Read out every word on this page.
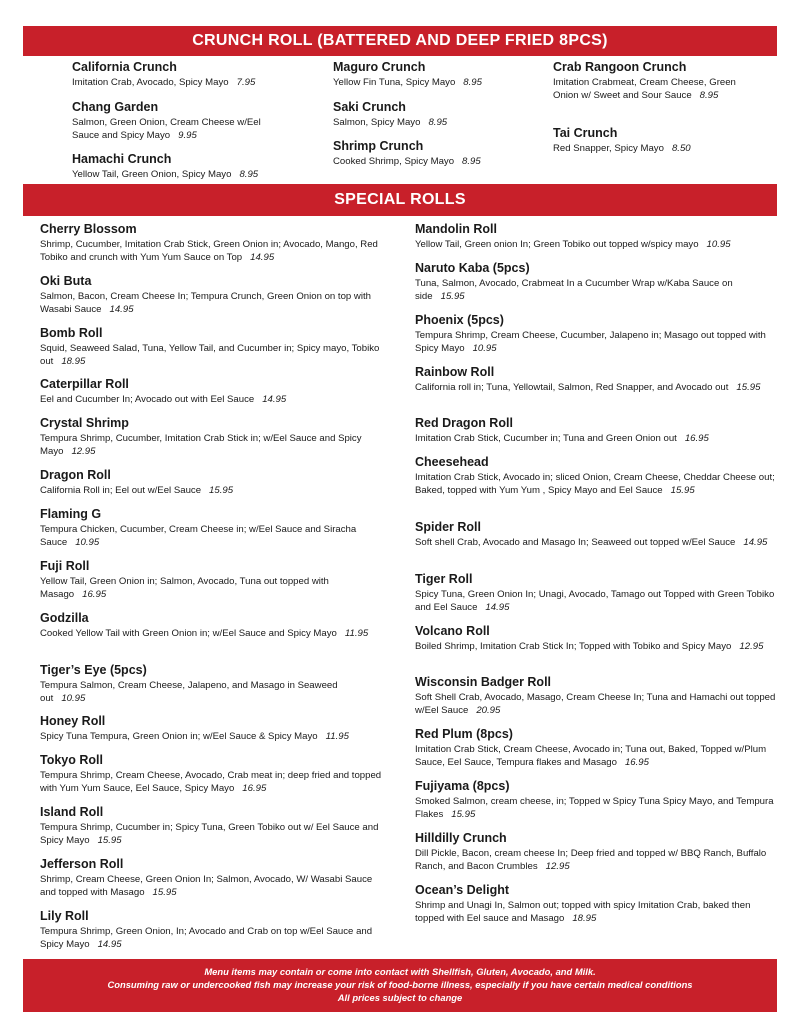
CRUNCH ROLL (BATTERED AND DEEP FRIED 8PCS)
California Crunch
Imitation Crab, Avocado, Spicy Mayo 7.95
Chang Garden
Salmon, Green Onion, Cream Cheese w/Eel Sauce and Spicy Mayo 9.95
Hamachi Crunch
Yellow Tail, Green Onion, Spicy Mayo 8.95
Maguro Crunch
Yellow Fin Tuna, Spicy Mayo 8.95
Saki Crunch
Salmon, Spicy Mayo 8.95
Shrimp Crunch
Cooked Shrimp, Spicy Mayo 8.95
Crab Rangoon Crunch
Imitation Crabmeat, Cream Cheese, Green Onion w/ Sweet and Sour Sauce 8.95
Tai Crunch
Red Snapper, Spicy Mayo 8.50
SPECIAL ROLLS
Cherry Blossom
Shrimp, Cucumber, Imitation Crab Stick, Green Onion in; Avocado, Mango, Red Tobiko and crunch with Yum Yum Sauce on Top 14.95
Oki Buta
Salmon, Bacon, Cream Cheese In; Tempura Crunch, Green Onion on top with Wasabi Sauce 14.95
Bomb Roll
Squid, Seaweed Salad, Tuna, Yellow Tail, and Cucumber in; Spicy mayo, Tobiko out 18.95
Caterpillar Roll
Eel and Cucumber In; Avocado out with Eel Sauce 14.95
Crystal Shrimp
Tempura Shrimp, Cucumber, Imitation Crab Stick in; w/Eel Sauce and Spicy Mayo 12.95
Dragon Roll
California Roll in; Eel out w/Eel Sauce 15.95
Flaming G
Tempura Chicken, Cucumber, Cream Cheese in; w/Eel Sauce and Siracha Sauce 10.95
Fuji Roll
Yellow Tail, Green Onion in; Salmon, Avocado, Tuna out topped with Masago 16.95
Godzilla
Cooked Yellow Tail with Green Onion in; w/Eel Sauce and Spicy Mayo 11.95
Tiger’s Eye (5pcs)
Tempura Salmon, Cream Cheese, Jalapeno, and Masago in Seaweed out 10.95
Honey Roll
Spicy Tuna Tempura, Green Onion in; w/Eel Sauce & Spicy Mayo 11.95
Tokyo Roll
Tempura Shrimp, Cream Cheese, Avocado, Crab meat in; deep fried and topped with Yum Yum Sauce, Eel Sauce, Spicy Mayo 16.95
Island Roll
Tempura Shrimp, Cucumber in; Spicy Tuna, Green Tobiko out w/ Eel Sauce and Spicy Mayo 15.95
Jefferson Roll
Shrimp, Cream Cheese, Green Onion In; Salmon, Avocado, W/ Wasabi Sauce and topped with Masago 15.95
Lily Roll
Tempura Shrimp, Green Onion, In; Avocado and Crab on top w/Eel Sauce and Spicy Mayo 14.95
Mandolin Roll
Yellow Tail, Green onion In; Green Tobiko out topped w/spicy mayo 10.95
Naruto Kaba (5pcs)
Tuna, Salmon, Avocado, Crabmeat In a Cucumber Wrap w/Kaba Sauce on side 15.95
Phoenix (5pcs)
Tempura Shrimp, Cream Cheese, Cucumber, Jalapeno in; Masago out topped with Spicy Mayo 10.95
Rainbow Roll
California roll in; Tuna, Yellowtail, Salmon, Red Snapper, and Avocado out 15.95
Red Dragon Roll
Imitation Crab Stick, Cucumber in; Tuna and Green Onion out 16.95
Cheesehead
Imitation Crab Stick, Avocado in; sliced Onion, Cream Cheese, Cheddar Cheese out; Baked, topped with Yum Yum , Spicy Mayo and Eel Sauce 15.95
Spider Roll
Soft shell Crab, Avocado and Masago In; Seaweed out topped w/Eel Sauce 14.95
Tiger Roll
Spicy Tuna, Green Onion In; Unagi, Avocado, Tamago out Topped with Green Tobiko and Eel Sauce 14.95
Volcano Roll
Boiled Shrimp, Imitation Crab Stick In; Topped with Tobiko and Spicy Mayo 12.95
Wisconsin Badger Roll
Soft Shell Crab, Avocado, Masago, Cream Cheese In; Tuna and Hamachi out topped w/Eel Sauce 20.95
Red Plum (8pcs)
Imitation Crab Stick, Cream Cheese, Avocado in; Tuna out, Baked, Topped w/Plum Sauce, Eel Sauce, Tempura flakes and Masago 16.95
Fujiyama (8pcs)
Smoked Salmon, cream cheese, in; Topped w Spicy Tuna Spicy Mayo, and Tempura Flakes 15.95
Hilldilly Crunch
Dill Pickle, Bacon, cream cheese In; Deep fried and topped w/ BBQ Ranch, Buffalo Ranch, and Bacon Crumbles 12.95
Ocean’s Delight
Shrimp and Unagi In, Salmon out; topped with spicy Imitation Crab, baked then topped with Eel sauce and Masago 18.95
Menu items may contain or come into contact with Shellfish, Gluten, Avocado, and Milk.
Consuming raw or undercooked fish may increase your risk of food-borne illness, especially if you have certain medical conditions
All prices subject to change
